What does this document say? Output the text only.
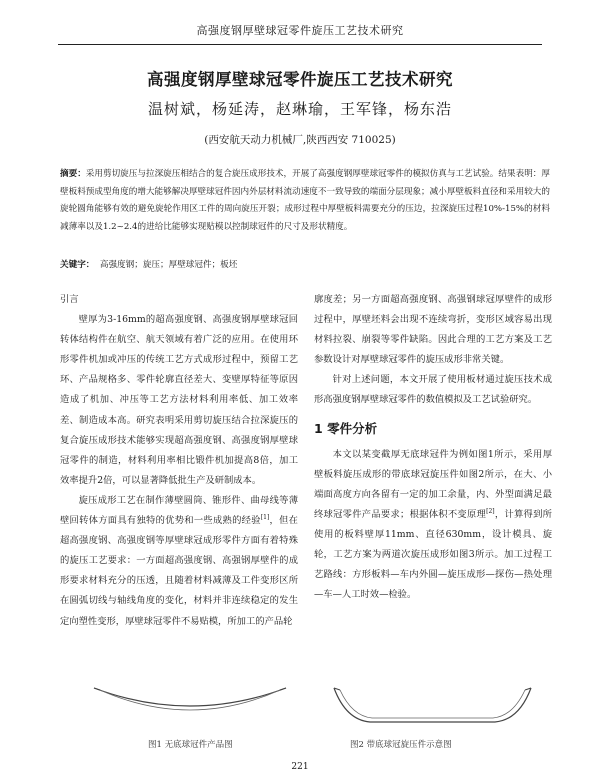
高强度钢厚壁球冠零件旋压工艺技术研究
高强度钢厚壁球冠零件旋压工艺技术研究
温树斌，杨延涛，赵琳瑜，王军锋，杨东浩
(西安航天动力机械厂,陕西西安 710025)
摘要：采用剪切旋压与拉深旋压相结合的复合旋压成形技术，开展了高强度钢厚壁球冠零件的模拟仿真与工艺试验。结果表明：厚壁板料预成型角度的增大能够解决厚壁球冠件因内外层材料流动速度不一致导致的端面分层现象；减小厚壁板料直径和采用较大的旋轮圆角能够有效的避免旋轮作用区工件的周向旋压开裂；成形过程中厚壁板料需要充分的压边，拉深旋压过程10%-15%的材料减薄率以及1.2~2.4的进给比能够实现贴模以控制球冠件的尺寸及形状精度。
关键字： 高强度钢；旋压；厚壁球冠件；板坯

引言

壁厚为3-16mm的超高强度钢、高强度钢厚壁球冠回转体结构件在航空、航天领域有着广泛的应用。在使用环形零件机加或冲压的传统工艺方式成形过程中，预留工艺环、产品规格多、零件轮廓直径差大、变壁厚特征等原因造成了机加、冲压等工艺方法材料利用率低、加工效率差、制造成本高。研究表明采用剪切旋压结合拉深旋压的复合旋压成形技术能够实现超高强度钢、高强度钢厚壁球冠零件的制造，材料利用率相比锻件机加提高8倍，加工效率提升2倍，可以显著降低批生产及研制成本。

旋压成形工艺在制作薄壁圆筒、锥形件、曲母线等薄壁回转体方面具有独特的优势和一些成熟的经验[1]，但在超高强度钢、高强度钢等厚壁球冠成形零件方面有着特殊的旋压工艺要求：一方面超高强度钢、高强钢厚壁件的成形要求材料充分的压透，且随着材料减薄及工件变形区所在圆弧切线与轴线角度的变化，材料并非连续稳定的发生定向塑性变形，厚壁球冠零件不易贴模，所加工的产品轮

廓度差；另一方面超高强度钢、高强钢球冠厚壁件的成形过程中，厚壁坯料会出现不连续弯折，变形区域容易出现材料拉裂、崩裂等零件缺陷。因此合理的工艺方案及工艺参数设计对厚壁球冠零件的旋压成形非常关键。

针对上述问题，本文开展了使用板材通过旋压技术成形高强度钢厚壁球冠零件的数值模拟及工艺试验研究。

1 零件分析

本文以某变截厚无底球冠件为例如图1所示，采用厚壁板料旋压成形的带底球冠旋压件如图2所示，在大、小端面高度方向各留有一定的加工余量，内、外型面满足最终球冠零件产品要求；根据体积不变原理[2]，计算得到所使用的板料壁厚11mm、直径630mm，设计模具、旋轮，工艺方案为两道次旋压成形如图3所示。加工过程工艺路线：方形板料—车内外圆—旋压成形—探伤—热处理—车—人工时效—检验。

图1 无底球冠件产品图	图2 带底球冠旋压件示意图
221
